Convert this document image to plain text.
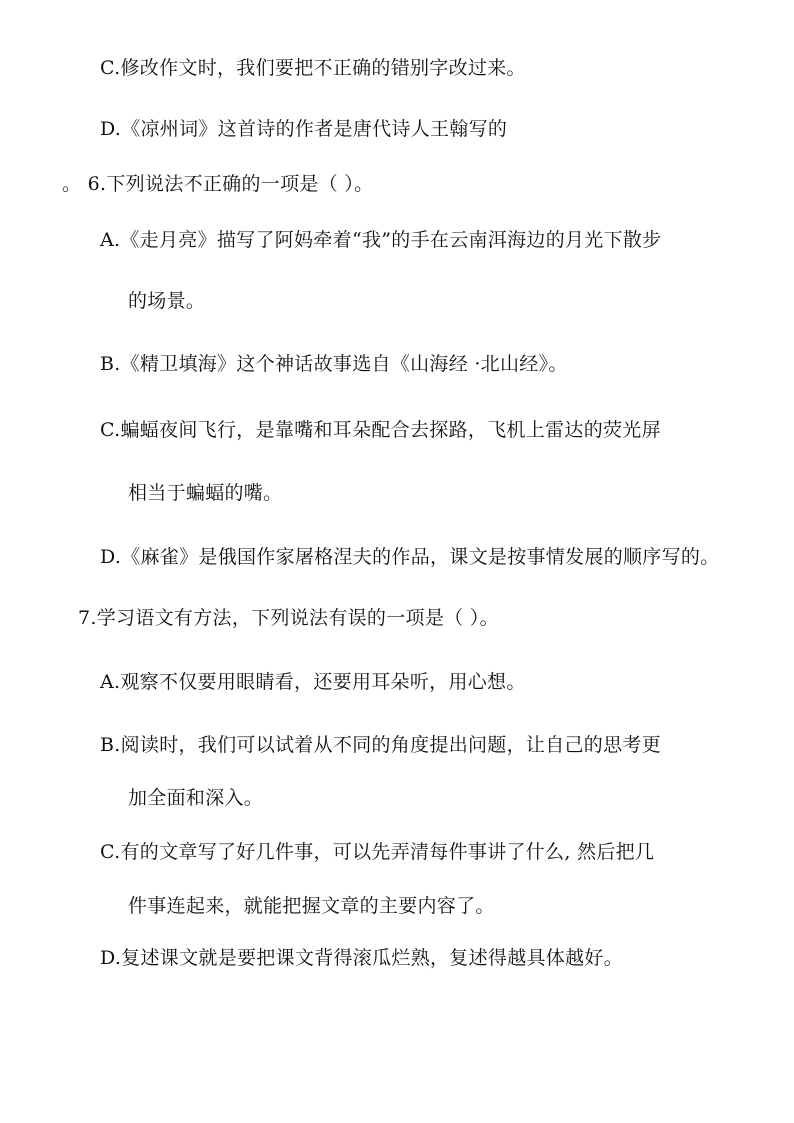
C.修改作文时，我们要把不正确的错别字改过来。
D.《凉州词》这首诗的作者是唐代诗人王翰写的
。 6.下列说法不正确的一项是（ ）。
A.《走月亮》描写了阿妈牵着“我”的手在云南洱海边的月光下散步
的场景。
B.《精卫填海》这个神话故事选自《山海经 ·北山经》。
C.蝙蝠夜间飞行，是靠嘴和耳朵配合去探路，飞机上雷达的荧光屏
相当于蝙蝠的嘴。
D.《麻雀》是俄国作家屠格涅夫的作品，课文是按事情发展的顺序写的。
7.学习语文有方法，下列说法有误的一项是（ ）。
A.观察不仅要用眼睛看，还要用耳朵听，用心想。
B.阅读时，我们可以试着从不同的角度提出问题，让自己的思考更
加全面和深入。
C.有的文章写了好几件事，可以先弄清每件事讲了什么, 然后把几
件事连起来，就能把握文章的主要内容了。
D.复述课文就是要把课文背得滚瓜烂熟，复述得越具体越好。
